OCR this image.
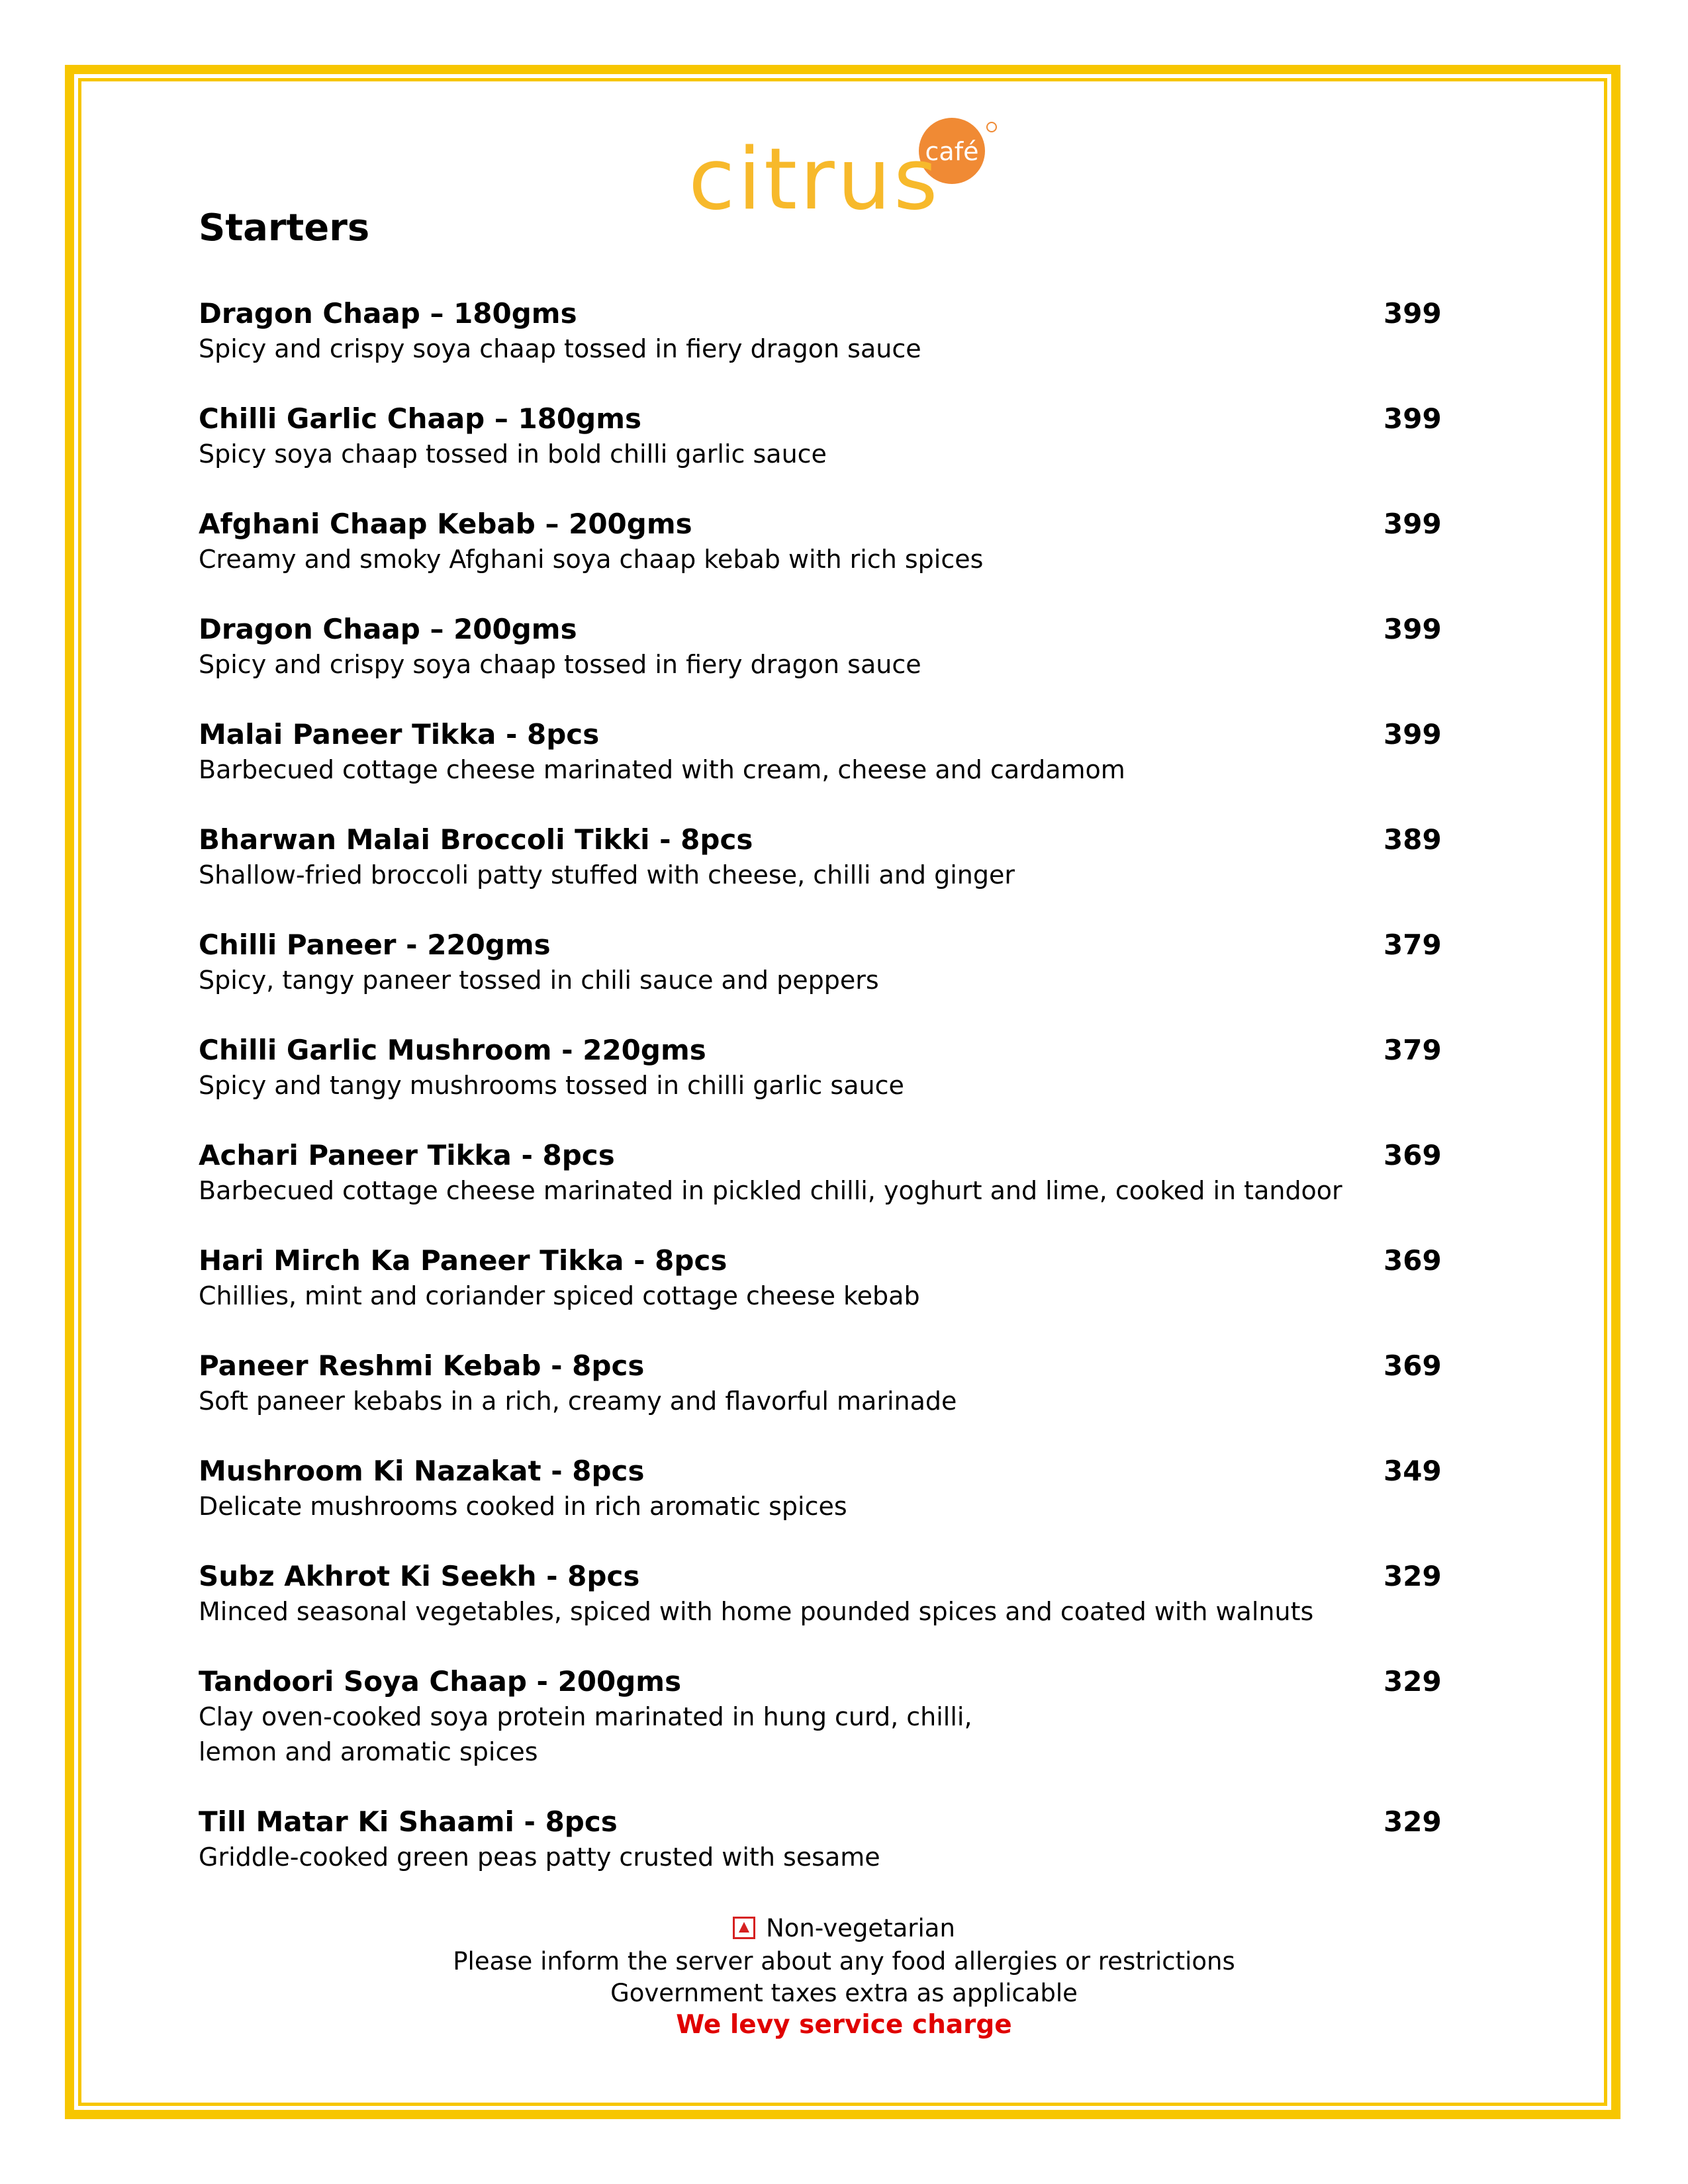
café
citrus
Starters
Dragon Chaap – 180gms	399
Spicy and crispy soya chaap tossed in fiery dragon sauce
Chilli Garlic Chaap – 180gms	399
Spicy soya chaap tossed in bold chilli garlic sauce
Afghani Chaap Kebab – 200gms	399
Creamy and smoky Afghani soya chaap kebab with rich spices
Dragon Chaap – 200gms	399
Spicy and crispy soya chaap tossed in fiery dragon sauce
Malai Paneer Tikka - 8pcs	399
Barbecued cottage cheese marinated with cream, cheese and cardamom
Bharwan Malai Broccoli Tikki - 8pcs	389
Shallow-fried broccoli patty stuffed with cheese, chilli and ginger
Chilli Paneer - 220gms	379
Spicy, tangy paneer tossed in chili sauce and peppers
Chilli Garlic Mushroom - 220gms	379
Spicy and tangy mushrooms tossed in chilli garlic sauce
Achari Paneer Tikka - 8pcs	369
Barbecued cottage cheese marinated in pickled chilli, yoghurt and lime, cooked in tandoor
Hari Mirch Ka Paneer Tikka - 8pcs	369
Chillies, mint and coriander spiced cottage cheese kebab
Paneer Reshmi Kebab - 8pcs	369
Soft paneer kebabs in a rich, creamy and flavorful marinade
Mushroom Ki Nazakat - 8pcs	349
Delicate mushrooms cooked in rich aromatic spices
Subz Akhrot Ki Seekh - 8pcs	329
Minced seasonal vegetables, spiced with home pounded spices and coated with walnuts
Tandoori Soya Chaap - 200gms	329
Clay oven-cooked soya protein marinated in hung curd, chilli,
lemon and aromatic spices
Till Matar Ki Shaami - 8pcs	329
Griddle-cooked green peas patty crusted with sesame
Non-vegetarian
Please inform the server about any food allergies or restrictions
Government taxes extra as applicable
We levy service charge
